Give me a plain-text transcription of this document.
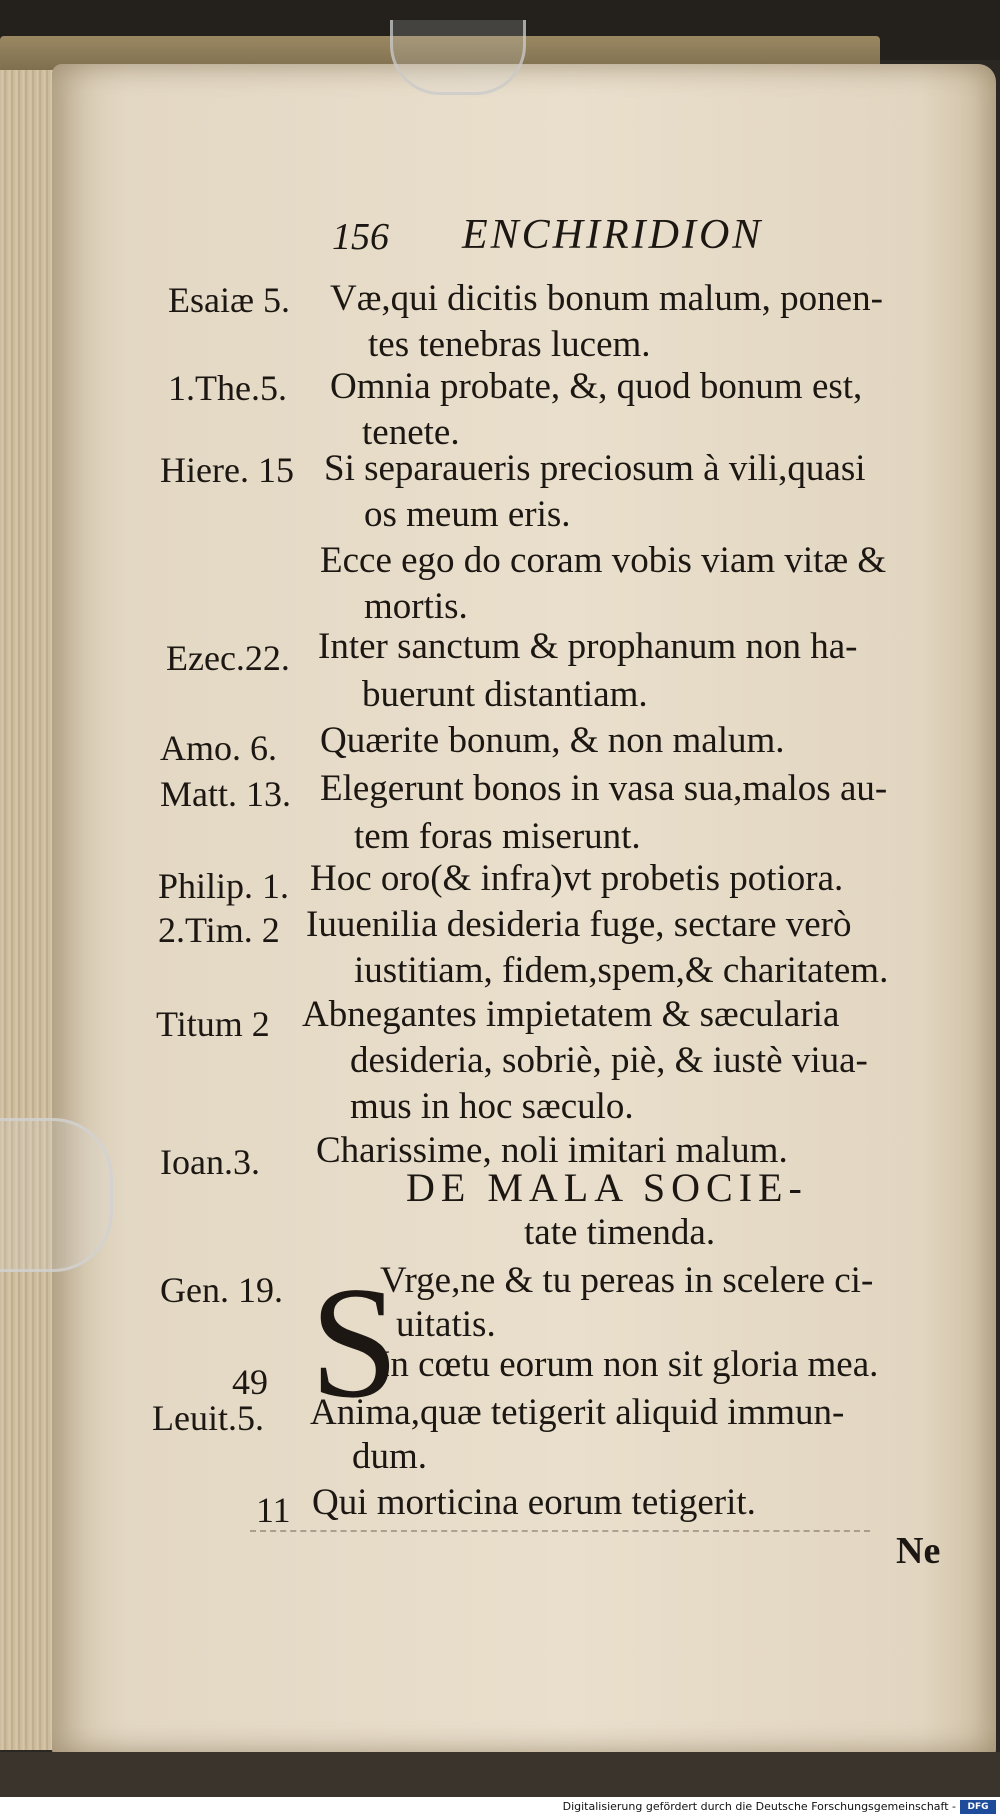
156 ENCHIRIDION
Esaiæ 5. Væ,qui dicitis bonum malum, ponen-
tes tenebras lucem.
1.The.5. Omnia probate, &, quod bonum est,
tenete.
Hiere. 15 Si separaueris preciosum à vili,quasi
os meum eris.
Ecce ego do coram vobis viam vitæ &
mortis.
Ezec.22. Inter sanctum & prophanum non ha-
buerunt distantiam.
Amo. 6. Quærite bonum, & non malum.
Matt. 13. Elegerunt bonos in vasa sua,malos au-
tem foras miserunt.
Philip. 1. Hoc oro(& infra)vt probetis potiora.
2.Tim. 2 Iuuenilia desideria fuge, sectare verò
iustitiam, fidem,spem,& charitatem.
Titum 2 Abnegantes impietatem & sæcularia
desideria, sobriè, piè, & iustè viua-
mus in hoc sæculo.
Ioan.3. Charissime, noli imitari malum.
DE MALA SOCIE-
tate timenda.
Gen. 19. S
Vrge,ne & tu pereas in scelere ci-
uitatis.
49	In cœtu eorum non sit gloria mea.
Leuit.5. Anima,quæ tetigerit aliquid immun-
dum.
11 Qui morticina eorum tetigerit.
Ne
Digitalisierung gefördert durch die Deutsche Forschungsgemeinschaft -	DFG
